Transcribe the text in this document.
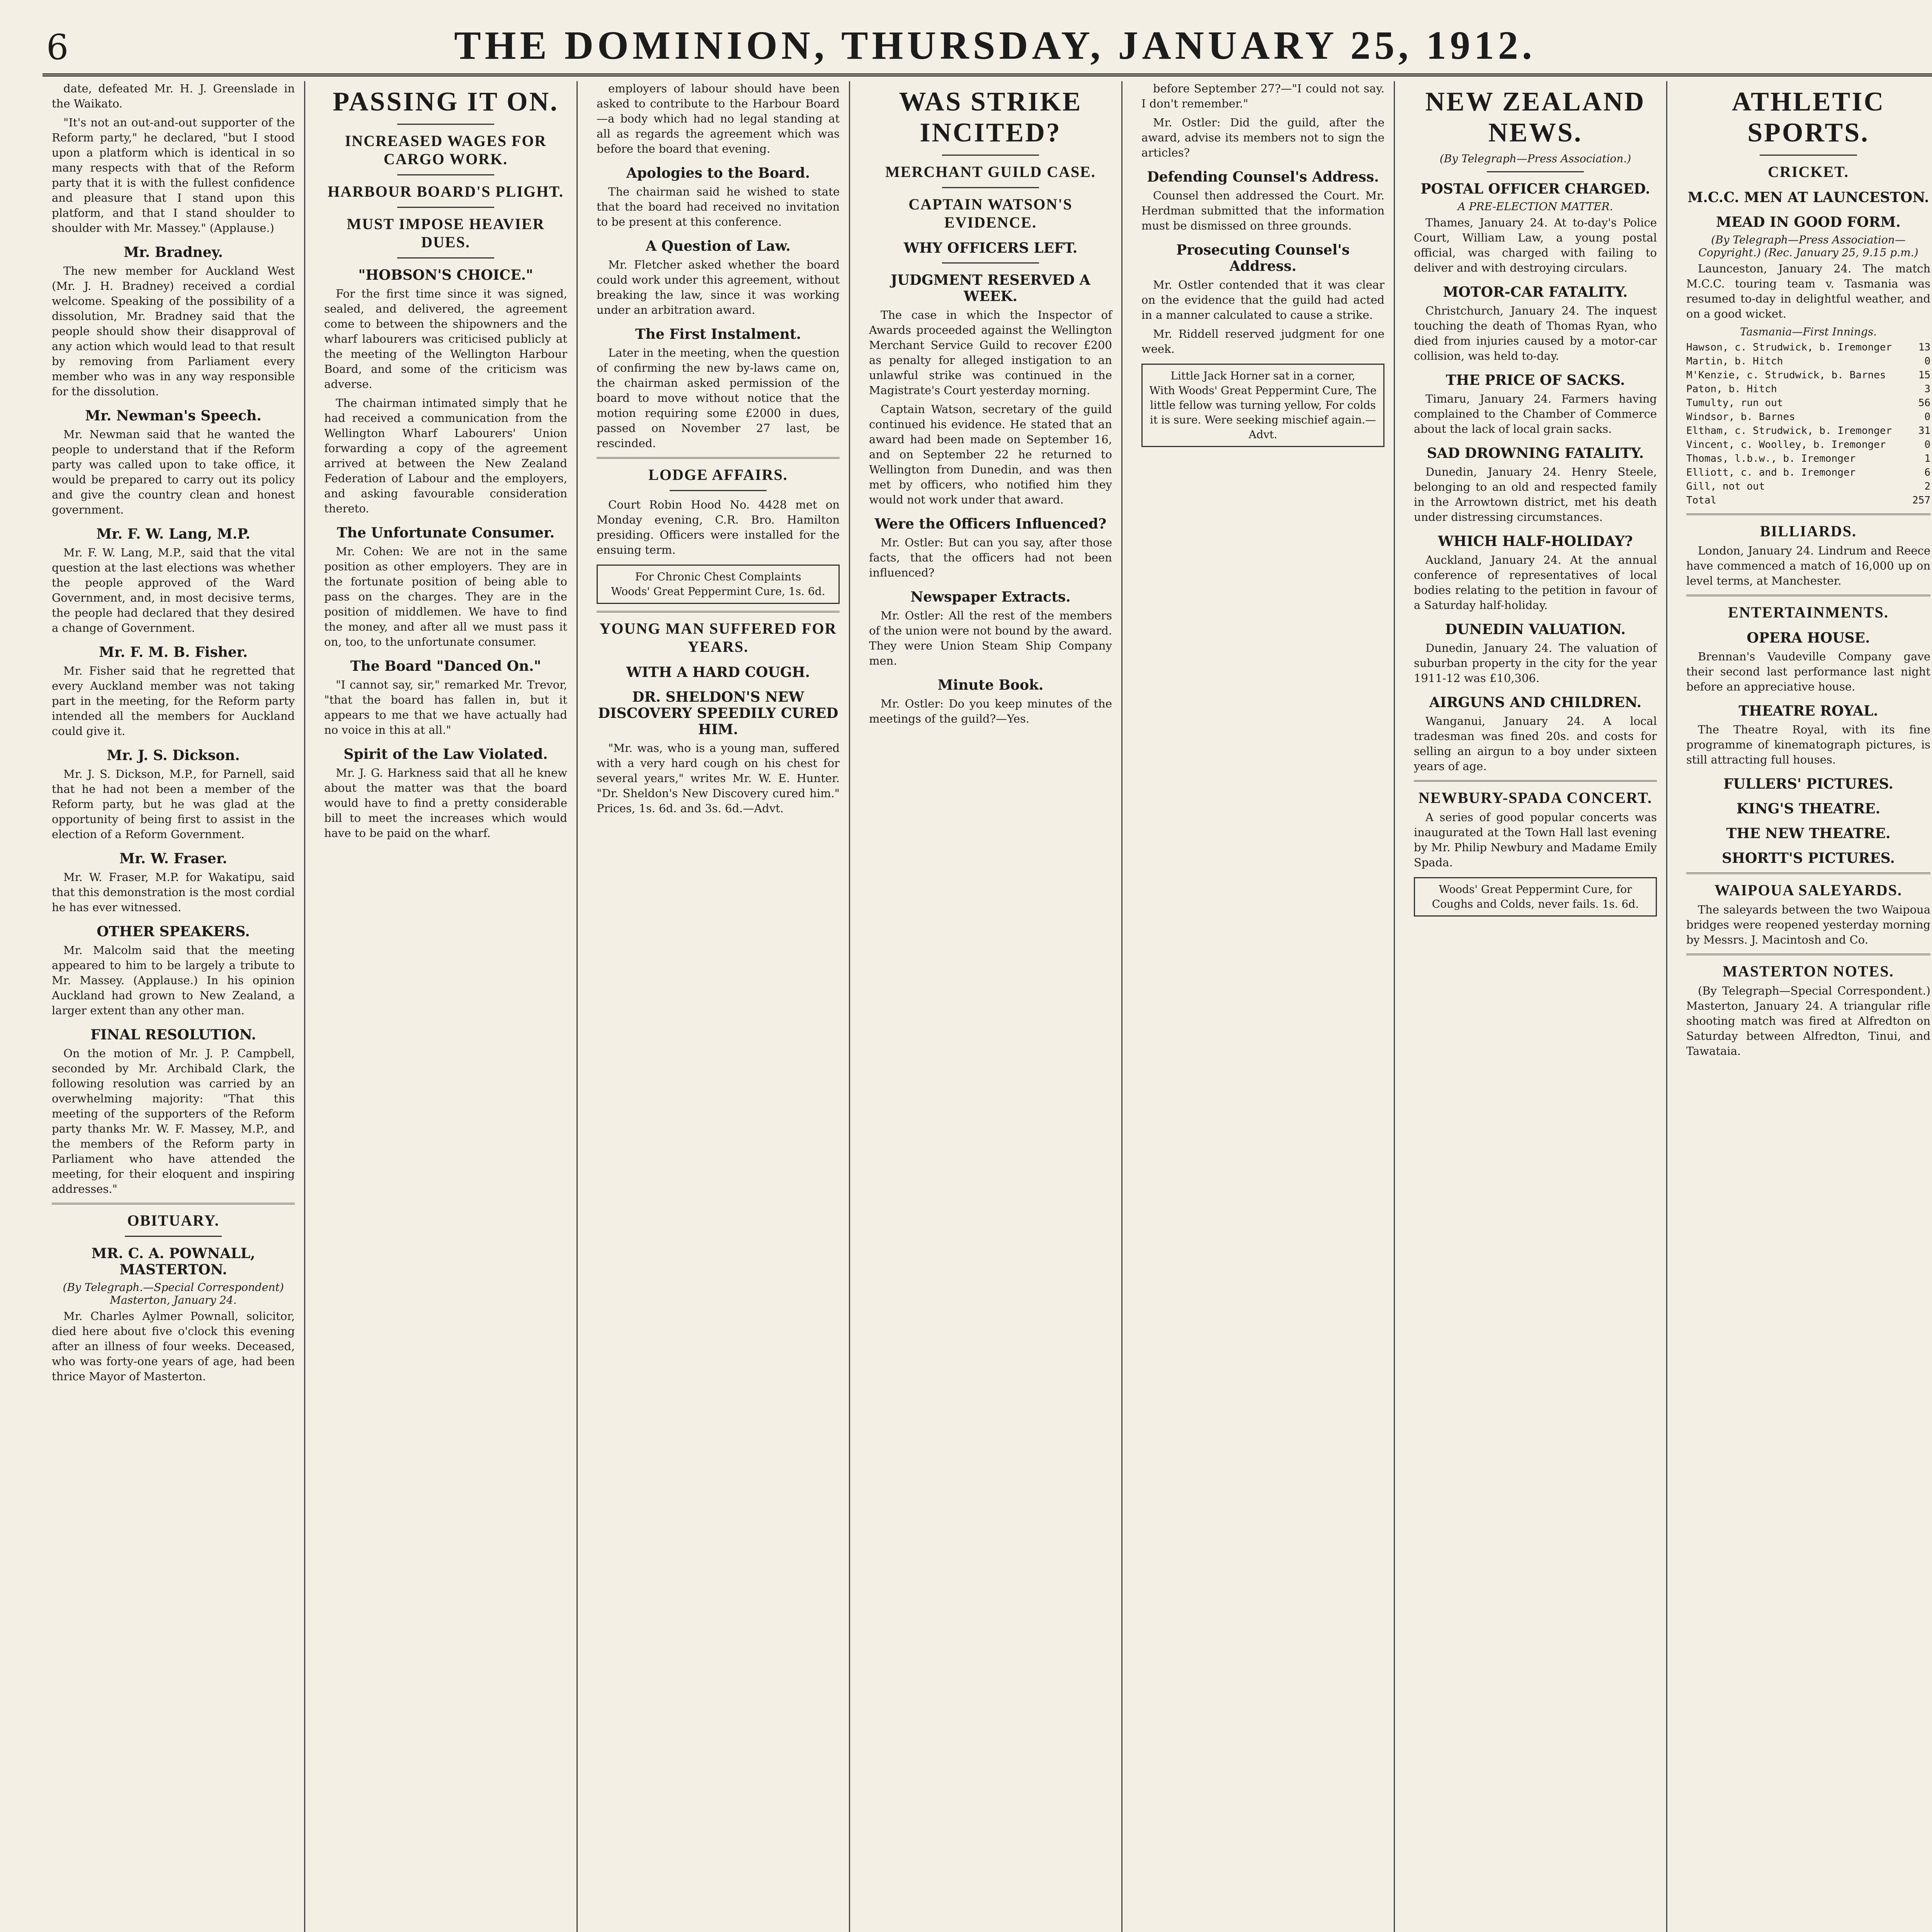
6	THE DOMINION, THURSDAY, JANUARY 25, 1912.

date, defeated Mr. H. J. Greenslade in the Waikato.

"It's not an out-and-out supporter of the Reform party," he declared, "but I stood upon a platform which is identical in so many respects with that of the Reform party that it is with the fullest confidence and pleasure that I stand upon this platform, and that I stand shoulder to shoulder with Mr. Massey." (Applause.)

Mr. Bradney.

The new member for Auckland West (Mr. J. H. Bradney) received a cordial welcome. Speaking of the possibility of a dissolution, Mr. Bradney said that the people should show their disapproval of any action which would lead to that result by removing from Parliament every member who was in any way responsible for the dissolution.

Mr. Newman's Speech.

Mr. Newman said that he wanted the people to understand that if the Reform party was called upon to take office, it would be prepared to carry out its policy and give the country clean and honest government.

Mr. F. W. Lang, M.P.

Mr. F. W. Lang, M.P., said that the vital question at the last elections was whether the people approved of the Ward Government, and, in most decisive terms, the people had declared that they desired a change of Government.

Mr. F. M. B. Fisher.

Mr. Fisher said that he regretted that every Auckland member was not taking part in the meeting, for the Reform party intended all the members for Auckland could give it.

Mr. J. S. Dickson.

Mr. J. S. Dickson, M.P., for Parnell, said that he had not been a member of the Reform party, but he was glad at the opportunity of being first to assist in the election of a Reform Government.

Mr. W. Fraser.

Mr. W. Fraser, M.P. for Wakatipu, said that this demonstration is the most cordial he has ever witnessed.

OTHER SPEAKERS.

Mr. Malcolm said that the meeting appeared to him to be largely a tribute to Mr. Massey. (Applause.) In his opinion Auckland had grown to New Zealand, a larger extent than any other man.

FINAL RESOLUTION.

On the motion of Mr. J. P. Campbell, seconded by Mr. Archibald Clark, the following resolution was carried by an overwhelming majority: "That this meeting of the supporters of the Reform party thanks Mr. W. F. Massey, M.P., and the members of the Reform party in Parliament who have attended the meeting, for their eloquent and inspiring addresses."

OBITUARY.
MR. C. A. POWNALL, MASTERTON.
(By Telegraph.—Special Correspondent) Masterton, January 24.

Mr. Charles Aylmer Pownall, solicitor, died here about five o'clock this evening after an illness of four weeks. Deceased, who was forty-one years of age, had been thrice Mayor of Masterton.

PASSING IT ON.
INCREASED WAGES FOR CARGO WORK.
HARBOUR BOARD'S PLIGHT.
MUST IMPOSE HEAVIER DUES.
"HOBSON'S CHOICE."

For the first time since it was signed, sealed, and delivered, the agreement come to between the shipowners and the wharf labourers was criticised publicly at the meeting of the Wellington Harbour Board, and some of the criticism was adverse.

The chairman intimated simply that he had received a communication from the Wellington Wharf Labourers' Union forwarding a copy of the agreement arrived at between the New Zealand Federation of Labour and the employers, and asking favourable consideration thereto.

The Unfortunate Consumer.

Mr. Cohen: We are not in the same position as other employers. They are in the fortunate position of being able to pass on the charges. They are in the position of middlemen. We have to find the money, and after all we must pass it on, too, to the unfortunate consumer.

The Board "Danced On."

"I cannot say, sir," remarked Mr. Trevor, "that the board has fallen in, but it appears to me that we have actually had no voice in this at all."

Spirit of the Law Violated.

Mr. J. G. Harkness said that all he knew about the matter was that the board would have to find a pretty considerable bill to meet the increases which would have to be paid on the wharf.

employers of labour should have been asked to contribute to the Harbour Board —a body which had no legal standing at all as regards the agreement which was before the board that evening.

Apologies to the Board.

The chairman said he wished to state that the board had received no invitation to be present at this conference.

A Question of Law.

Mr. Fletcher asked whether the board could work under this agreement, without breaking the law, since it was working under an arbitration award.

The First Instalment.

Later in the meeting, when the question of confirming the new by-laws came on, the chairman asked permission of the board to move without notice that the motion requiring some £2000 in dues, passed on November 27 last, be rescinded.

LODGE AFFAIRS.

Court Robin Hood No. 4428 met on Monday evening, C.R. Bro. Hamilton presiding. Officers were installed for the ensuing term.

For Chronic Chest Complaints
Woods' Great Peppermint Cure, 1s. 6d.
YOUNG MAN SUFFERED FOR YEARS.
WITH A HARD COUGH.
DR. SHELDON'S NEW DISCOVERY SPEEDILY CURED HIM.

"Mr. was, who is a young man, suffered with a very hard cough on his chest for several years," writes Mr. W. E. Hunter. "Dr. Sheldon's New Discovery cured him." Prices, 1s. 6d. and 3s. 6d.—Advt.

WAS STRIKE INCITED?
MERCHANT GUILD CASE.
CAPTAIN WATSON'S EVIDENCE.
WHY OFFICERS LEFT.
JUDGMENT RESERVED A WEEK.

The case in which the Inspector of Awards proceeded against the Wellington Merchant Service Guild to recover £200 as penalty for alleged instigation to an unlawful strike was continued in the Magistrate's Court yesterday morning.

Captain Watson, secretary of the guild continued his evidence. He stated that an award had been made on September 16, and on September 22 he returned to Wellington from Dunedin, and was then met by officers, who notified him they would not work under that award.

Were the Officers Influenced?

Mr. Ostler: But can you say, after those facts, that the officers had not been influenced?

Newspaper Extracts.

Mr. Ostler: All the rest of the members of the union were not bound by the award. They were Union Steam Ship Company men.

Minute Book.

Mr. Ostler: Do you keep minutes of the meetings of the guild?—Yes.

before September 27?—"I could not say. I don't remember."

Mr. Ostler: Did the guild, after the award, advise its members not to sign the articles?

Defending Counsel's Address.

Counsel then addressed the Court. Mr. Herdman submitted that the information must be dismissed on three grounds.

Prosecuting Counsel's Address.

Mr. Ostler contended that it was clear on the evidence that the guild had acted in a manner calculated to cause a strike.

Mr. Riddell reserved judgment for one week.

Little Jack Horner sat in a corner,
With Woods' Great Peppermint Cure, The little fellow was turning yellow, For colds it is sure. Were seeking mischief again.—Advt.
NEW ZEALAND NEWS.
(By Telegraph—Press Association.)
POSTAL OFFICER CHARGED.
A PRE-ELECTION MATTER.

Thames, January 24. At to-day's Police Court, William Law, a young postal official, was charged with failing to deliver and with destroying circulars.

MOTOR-CAR FATALITY.

Christchurch, January 24. The inquest touching the death of Thomas Ryan, who died from injuries caused by a motor-car collision, was held to-day.

THE PRICE OF SACKS.

Timaru, January 24. Farmers having complained to the Chamber of Commerce about the lack of local grain sacks.

SAD DROWNING FATALITY.

Dunedin, January 24. Henry Steele, belonging to an old and respected family in the Arrowtown district, met his death under distressing circumstances.

WHICH HALF-HOLIDAY?

Auckland, January 24. At the annual conference of representatives of local bodies relating to the petition in favour of a Saturday half-holiday.

DUNEDIN VALUATION.

Dunedin, January 24. The valuation of suburban property in the city for the year 1911-12 was £10,306.

AIRGUNS AND CHILDREN.

Wanganui, January 24. A local tradesman was fined 20s. and costs for selling an airgun to a boy under sixteen years of age.

NEWBURY-SPADA CONCERT.

A series of good popular concerts was inaugurated at the Town Hall last evening by Mr. Philip Newbury and Madame Emily Spada.

Woods' Great Peppermint Cure, for
Coughs and Colds, never fails. 1s. 6d.
ATHLETIC SPORTS.
CRICKET.
M.C.C. MEN AT LAUNCESTON.
MEAD IN GOOD FORM.
(By Telegraph—Press Association—Copyright.) (Rec. January 25, 9.15 p.m.)

Launceston, January 24. The match M.C.C. touring team v. Tasmania was resumed to-day in delightful weather, and on a good wicket.

Tasmania—First Innings.
Hawson, c. Strudwick, b. Iremonger	13
Martin, b. Hitch	0
M'Kenzie, c. Strudwick, b. Barnes	15
Paton, b. Hitch	3
Tumulty, run out	56
Windsor, b. Barnes	0
Eltham, c. Strudwick, b. Iremonger	31
Vincent, c. Woolley, b. Iremonger	0
Thomas, l.b.w., b. Iremonger	1
Elliott, c. and b. Iremonger	6
Gill, not out	2
Total	257
BILLIARDS.

London, January 24. Lindrum and Reece have commenced a match of 16,000 up on level terms, at Manchester.

ENTERTAINMENTS.
OPERA HOUSE.

Brennan's Vaudeville Company gave their second last performance last night before an appreciative house.

THEATRE ROYAL.

The Theatre Royal, with its fine programme of kinematograph pictures, is still attracting full houses.

FULLERS' PICTURES.
KING'S THEATRE.
THE NEW THEATRE.
SHORTT'S PICTURES.
WAIPOUA SALEYARDS.

The saleyards between the two Waipoua bridges were reopened yesterday morning by Messrs. J. Macintosh and Co.

MASTERTON NOTES.

(By Telegraph—Special Correspondent.) Masterton, January 24. A triangular rifle shooting match was fired at Alfredton on Saturday between Alfredton, Tinui, and Tawataia.
